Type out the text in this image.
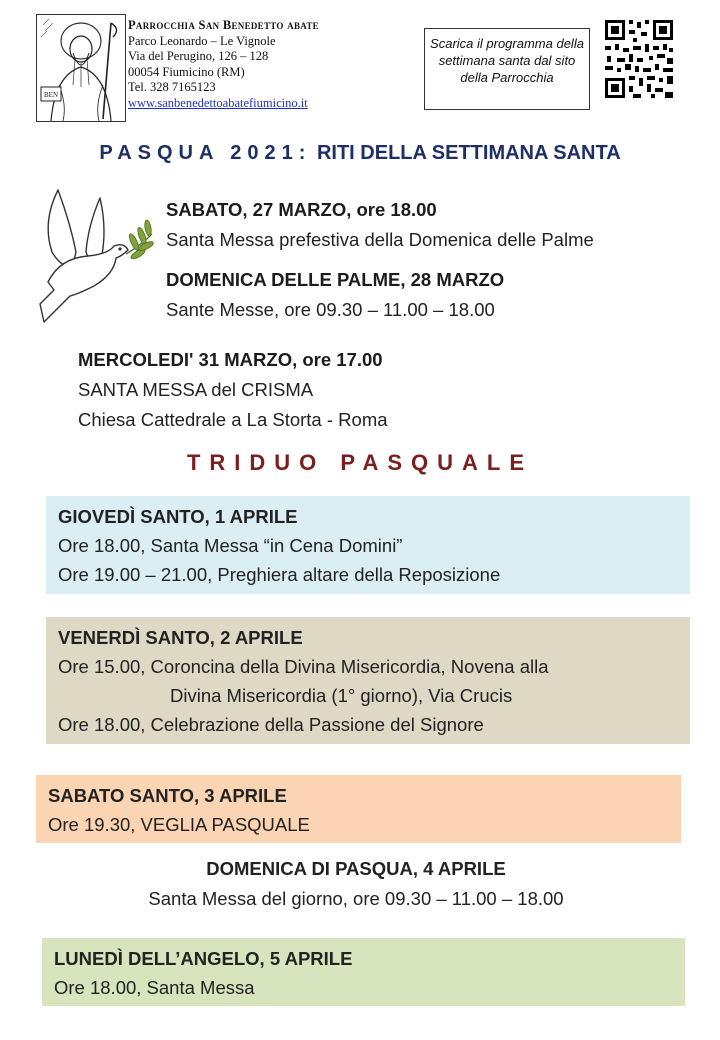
BEN
Parrocchia San Benedetto abate
Parco Leonardo – Le Vignole
Via del Perugino, 126 – 128
00054 Fiumicino (RM)
Tel. 328 7165123
www.sanbenedettoabatefiumicino.it
Scarica il programma della settimana santa dal sito della Parrocchia
PASQUA 2021: RITI DELLA SETTIMANA SANTA
SABATO, 27 MARZO, ore 18.00
Santa Messa prefestiva della Domenica delle Palme
DOMENICA DELLE PALME, 28 MARZO
Sante Messe, ore 09.30 – 11.00 – 18.00
MERCOLEDI' 31 MARZO, ore 17.00
SANTA MESSA del CRISMA
Chiesa Cattedrale a La Storta - Roma
TRIDUO PASQUALE
GIOVEDÌ SANTO, 1 APRILE
Ore 18.00, Santa Messa “in Cena Domini”
Ore 19.00 – 21.00, Preghiera altare della Reposizione
VENERDÌ SANTO, 2 APRILE
Ore 15.00, Coroncina della Divina Misericordia, Novena alla
Divina Misericordia (1° giorno), Via Crucis
Ore 18.00, Celebrazione della Passione del Signore
SABATO SANTO, 3 APRILE
Ore 19.30, VEGLIA PASQUALE
DOMENICA DI PASQUA, 4 APRILE
Santa Messa del giorno, ore 09.30 – 11.00 – 18.00
LUNEDÌ DELL’ANGELO, 5 APRILE
Ore 18.00, Santa Messa
